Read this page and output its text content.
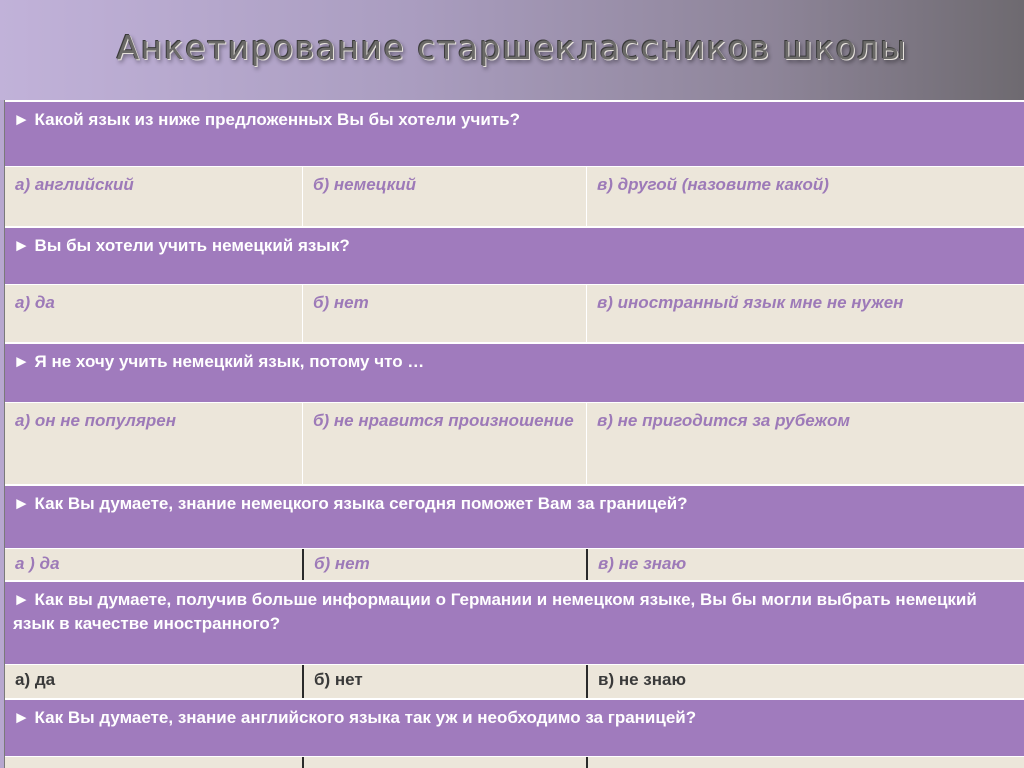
Анкетирование старшеклассников школы
► Какой язык из ниже предложенных Вы бы хотели учить?
а) английский	б) немецкий	в) другой (назовите какой)
► Вы бы хотели учить немецкий язык?
а) да	б) нет	в) иностранный язык мне не нужен
► Я не хочу учить немецкий язык, потому что …
а) он не популярен	б) не нравится произношение	в) не пригодится за рубежом
► Как Вы думаете, знание немецкого языка сегодня поможет Вам за границей?
а ) да	б) нет	в) не знаю
► Как вы думаете, получив больше информации о Германии и немецком языке, Вы бы могли выбрать немецкий язык в качестве иностранного?
а) да	б) нет	в) не знаю
► Как Вы думаете, знание английского языка так уж и необходимо за границей?
